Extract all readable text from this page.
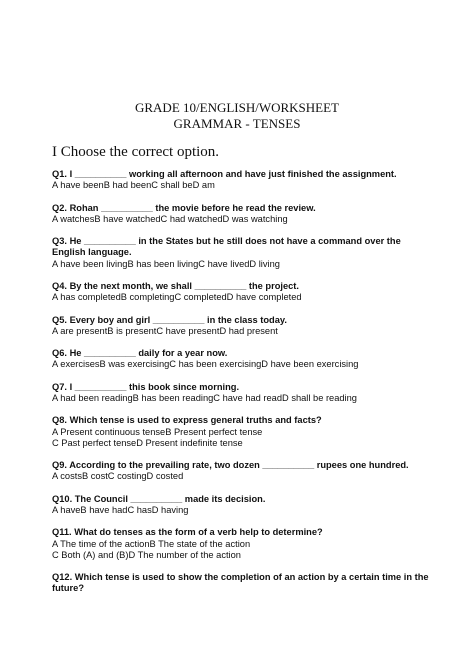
GRADE 10/ENGLISH/WORKSHEET
GRAMMAR - TENSES
I Choose the correct option.
Q1. I __________ working all afternoon and have just finished the assignment.
A have beenB had beenC shall beD am
Q2. Rohan __________ the movie before he read the review.
A watchesB have watchedC had watchedD was watching
Q3. He __________ in the States but he still does not have a command over the English language.
A have been livingB has been livingC have livedD living
Q4. By the next month, we shall __________ the project.
A has completedB completingC completedD have completed
Q5. Every boy and girl __________ in the class today.
A are presentB is presentC have presentD had present
Q6. He __________ daily for a year now.
A exercisesB was exercisingC has been exercisingD have been exercising
Q7. I __________ this book since morning.
A had been readingB has been readingC have had readD shall be reading
Q8. Which tense is used to express general truths and facts?
A Present continuous tenseB Present perfect tense
C Past perfect tenseD Present indefinite tense
Q9. According to the prevailing rate, two dozen __________ rupees one hundred.
A costsB costC costingD costed
Q10. The Council __________ made its decision.
A haveB have hadC hasD having
Q11. What do tenses as the form of a verb help to determine?
A The time of the actionB The state of the action
C Both (A) and (B)D The number of the action
Q12. Which tense is used to show the completion of an action by a certain time in the future?
